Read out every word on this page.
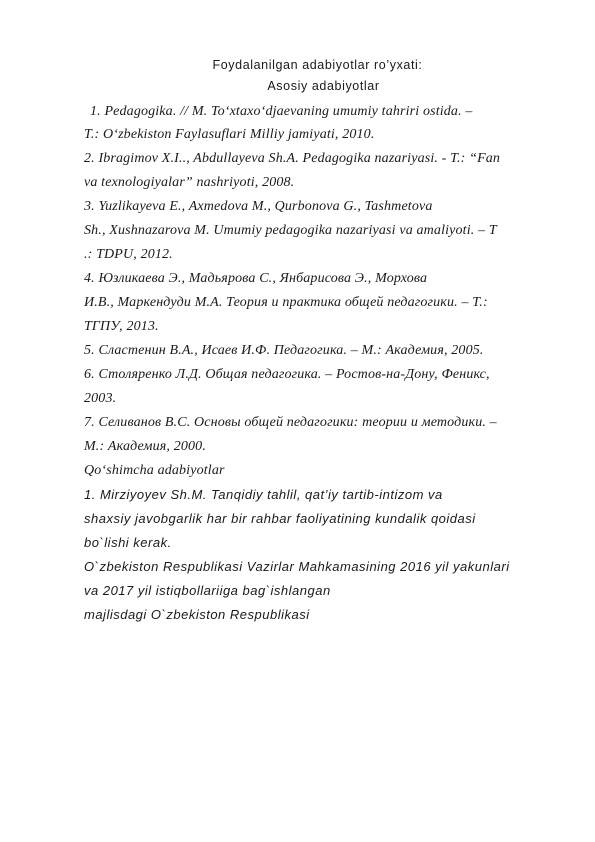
Foydalanilgan adabiyotlar ro’yxati:
Asosiy adabiyotlar
1. Pedagogika. // M. To‘xtaxo‘djaevaning umumiy tahriri ostida. –
T.: O‘zbekiston Faylasuflari Milliy jamiyati, 2010.
2. Ibragimov X.I.., Abdullayeva Sh.A. Pedagogika nazariyasi. - T.: “Fan
va texnologiyalar” nashriyoti, 2008.
3. Yuzlikayeva E., Axmedova M., Qurbonova G., Tashmetova
Sh., Xushnazarova M. Umumiy pedagogika nazariyasi va amaliyoti. – T
.: TDPU, 2012.
4. Юзликаева Э., Мадьярова С., Янбарисова Э., Морхова
И.В., Маркендуди М.А. Теория и практика общей педагогики. – Т.:
ТГПУ, 2013.
5. Сластенин В.А., Исаев И.Ф. Педагогика. – М.: Академия, 2005.
6. Столяренко Л.Д. Общая педагогика. – Ростов-на-Дону, Феникс,
2003.
7. Селиванов В.С. Основы общей педагогики: теории и методики. –
М.: Академия, 2000.
Qo‘shimcha adabiyotlar
1. Mirziyoyev Sh.M. Tanqidiy tahlil, qat’iy tartib-intizom va
shaxsiy javobgarlik har bir rahbar faoliyatining kundalik qoidasi
bo`lishi kerak.
O`zbekiston Respublikasi Vazirlar Mahkamasining 2016 yil yakunlari
va 2017 yil istiqbollariiga bag`ishlangan
majlisdagi O`zbekiston Respublikasi
